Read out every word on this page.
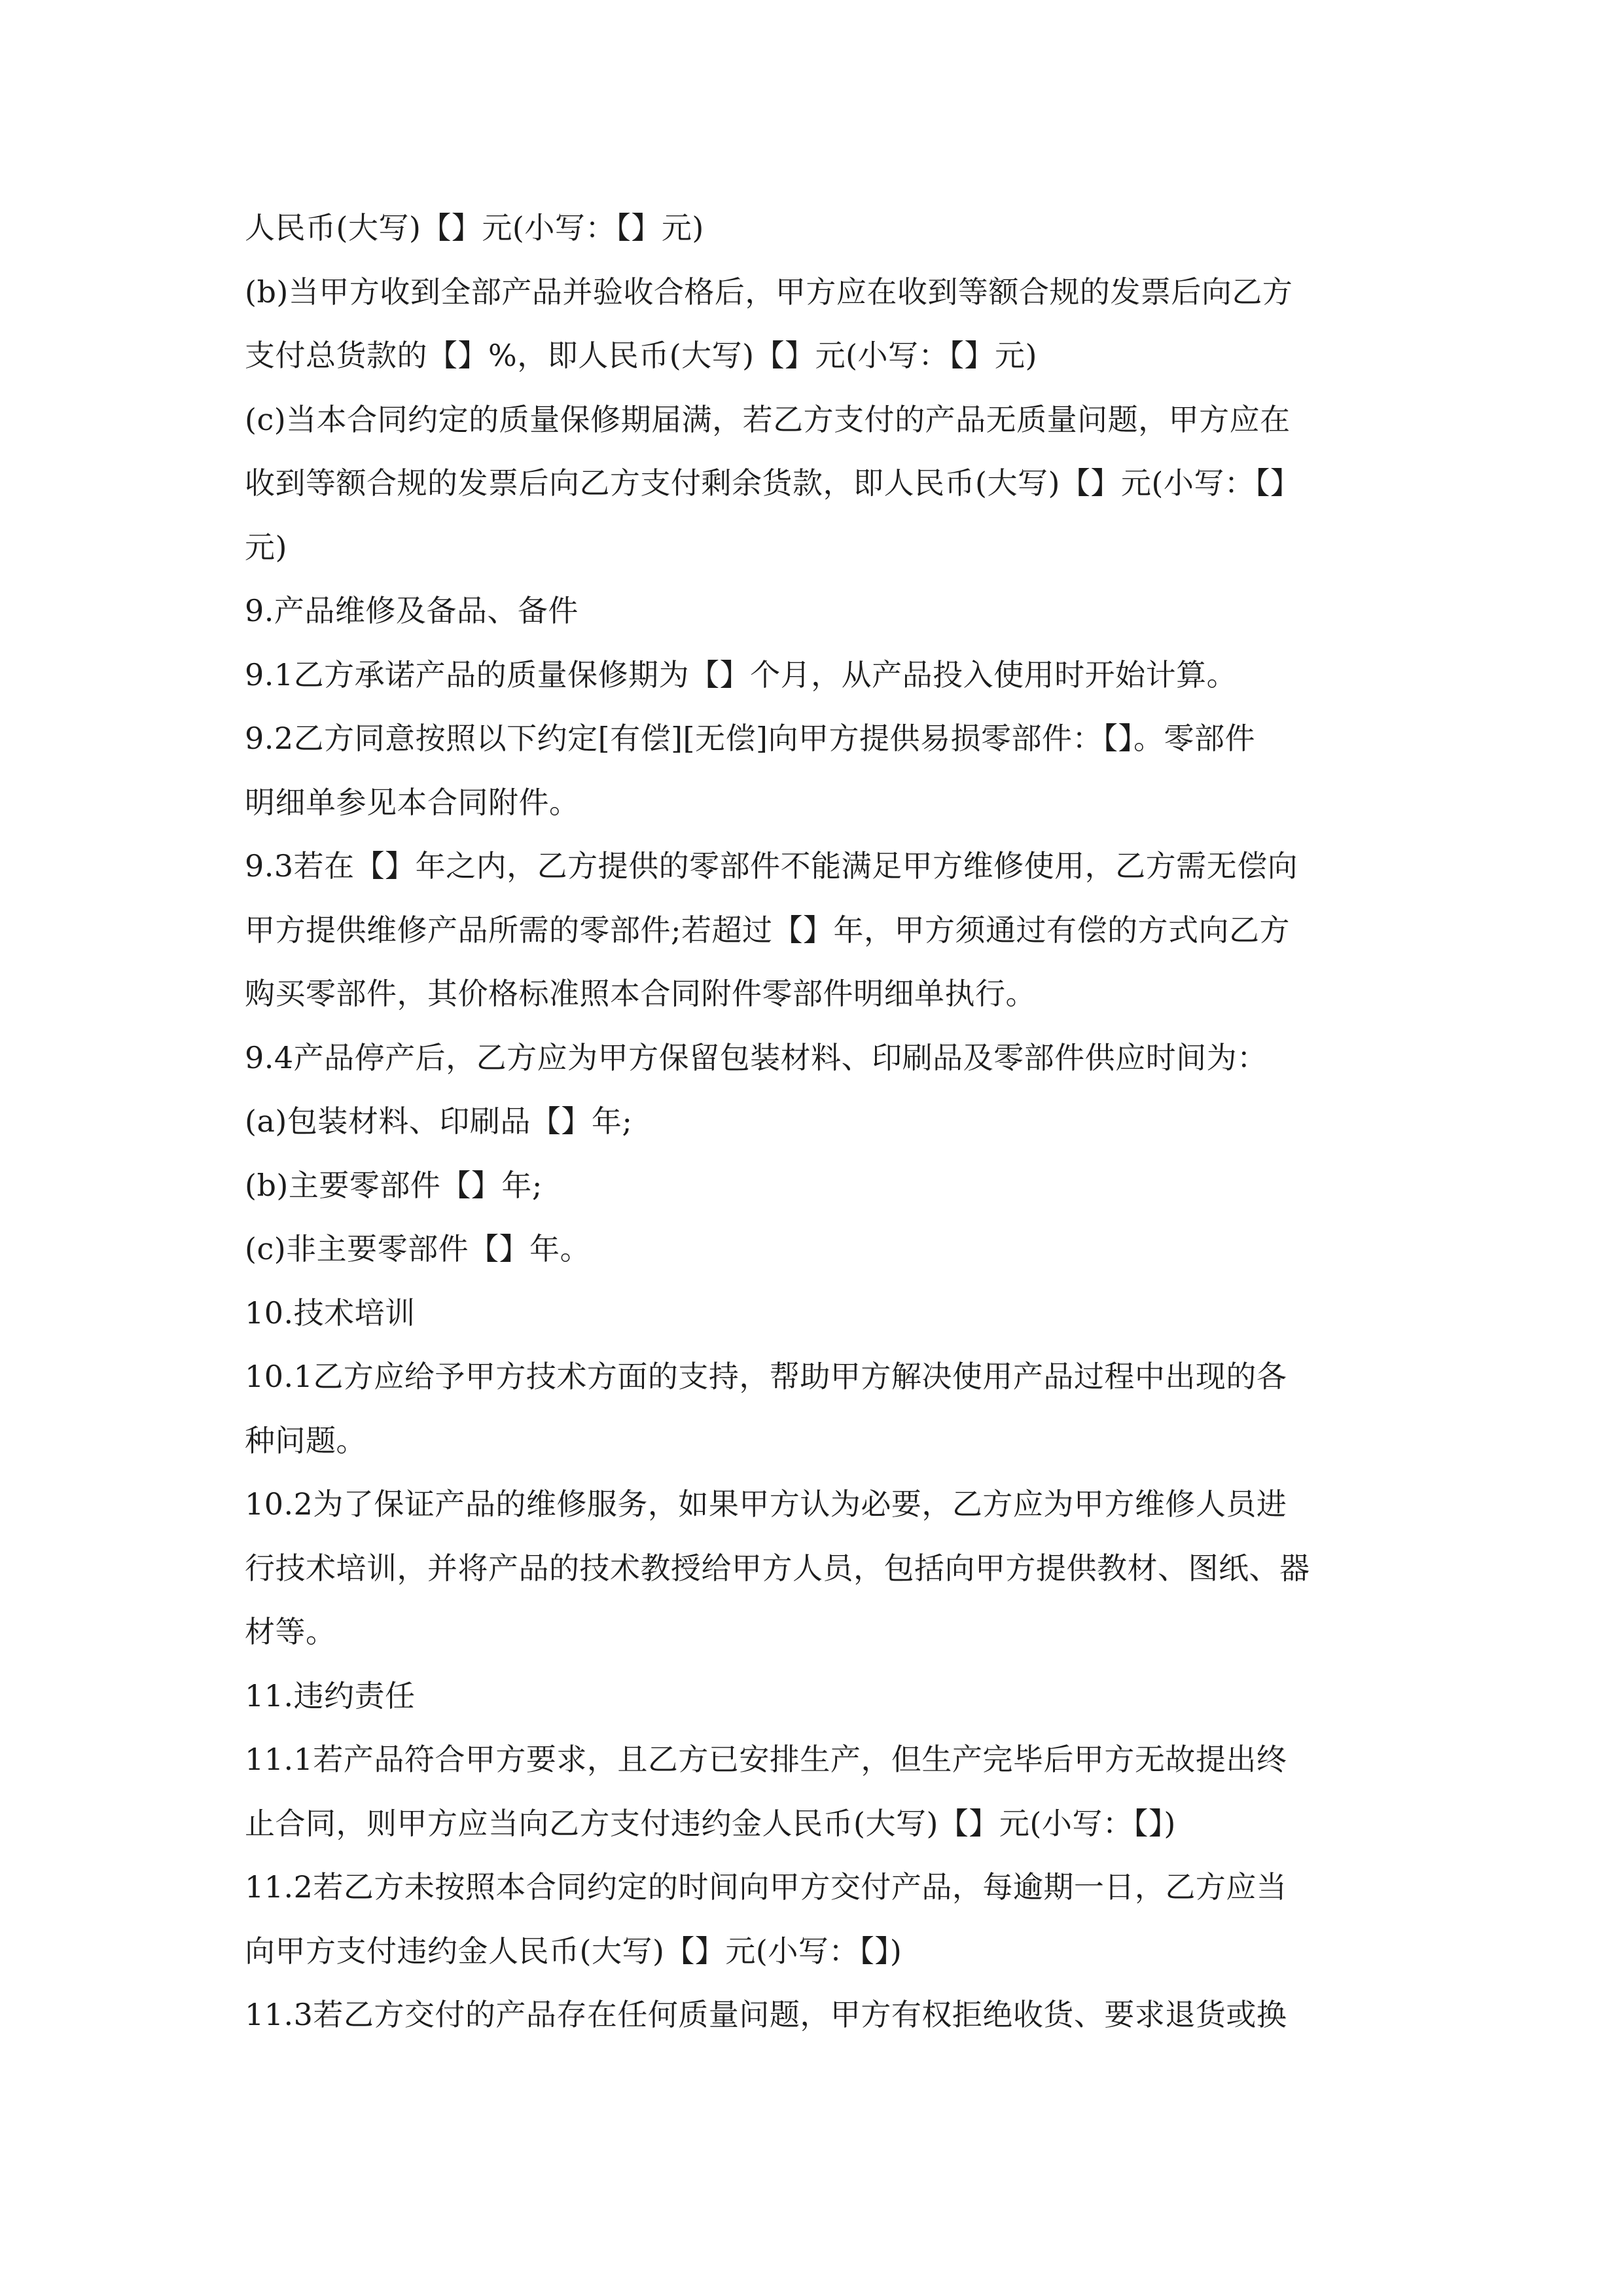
人民币(大写)【】元(小写：【】元)
(b)当甲方收到全部产品并验收合格后，甲方应在收到等额合规的发票后向乙方
支付总货款的【】%，即人民币(大写)【】元(小写：【】元)
(c)当本合同约定的质量保修期届满，若乙方支付的产品无质量问题，甲方应在
收到等额合规的发票后向乙方支付剩余货款，即人民币(大写)【】元(小写：【】
元)
9.产品维修及备品、备件
9.1乙方承诺产品的质量保修期为【】个月，从产品投入使用时开始计算。
9.2乙方同意按照以下约定[有偿][无偿]向甲方提供易损零部件：【】。零部件
明细单参见本合同附件。
9.3若在【】年之内，乙方提供的零部件不能满足甲方维修使用，乙方需无偿向
甲方提供维修产品所需的零部件;若超过【】年，甲方须通过有偿的方式向乙方
购买零部件，其价格标准照本合同附件零部件明细单执行。
9.4产品停产后，乙方应为甲方保留包装材料、印刷品及零部件供应时间为：
(a)包装材料、印刷品【】年;
(b)主要零部件【】年;
(c)非主要零部件【】年。
10.技术培训
10.1乙方应给予甲方技术方面的支持，帮助甲方解决使用产品过程中出现的各
种问题。
10.2为了保证产品的维修服务，如果甲方认为必要，乙方应为甲方维修人员进
行技术培训，并将产品的技术教授给甲方人员，包括向甲方提供教材、图纸、器
材等。
11.违约责任
11.1若产品符合甲方要求，且乙方已安排生产，但生产完毕后甲方无故提出终
止合同，则甲方应当向乙方支付违约金人民币(大写)【】元(小写：【】)
11.2若乙方未按照本合同约定的时间向甲方交付产品，每逾期一日，乙方应当
向甲方支付违约金人民币(大写)【】元(小写：【】)
11.3若乙方交付的产品存在任何质量问题，甲方有权拒绝收货、要求退货或换
